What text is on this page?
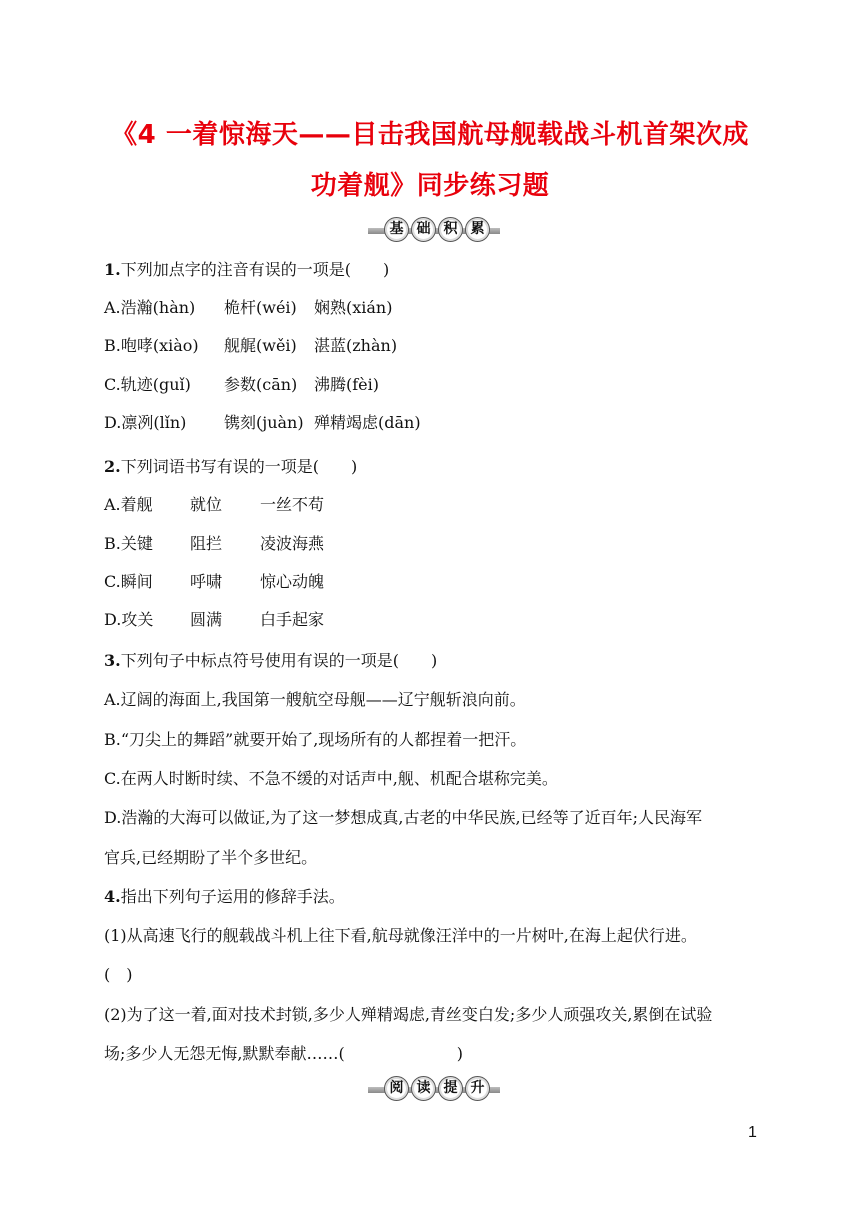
《4 一着惊海天——目击我国航母舰载战斗机首架次成
功着舰》同步练习题
基 础 积 累
1.下列加点字的注音有误的一项是(　　)
A.浩瀚(hàn) 桅杆(wéi) 娴熟(xián)
B.咆哮(xiào) 舰艉(wěi) 湛蓝(zhàn)
C.轨迹(guǐ) 参数(cān) 沸腾(fèi)
D.凛冽(lǐn) 镌刻(juàn) 殚精竭虑(dān)
2.下列词语书写有误的一项是(　　)
A.着舰 就位 一丝不苟
B.关键 阻拦 凌波海燕
C.瞬间 呼啸 惊心动魄
D.攻关 圆满 白手起家
3.下列句子中标点符号使用有误的一项是(　　)
A.辽阔的海面上,我国第一艘航空母舰——辽宁舰斩浪向前。
B.“刀尖上的舞蹈”就要开始了,现场所有的人都捏着一把汗。
C.在两人时断时续、不急不缓的对话声中,舰、机配合堪称完美。
D.浩瀚的大海可以做证,为了这一梦想成真,古老的中华民族,已经等了近百年;人民海军
官兵,已经期盼了半个多世纪。
4.指出下列句子运用的修辞手法。
(1)从高速飞行的舰载战斗机上往下看,航母就像汪洋中的一片树叶,在海上起伏行进。
(　)
(2)为了这一着,面对技术封锁,多少人殚精竭虑,青丝变白发;多少人顽强攻关,累倒在试验
场;多少人无怨无悔,默默奉献……(　　　　　　　)
阅 读 提 升
1
